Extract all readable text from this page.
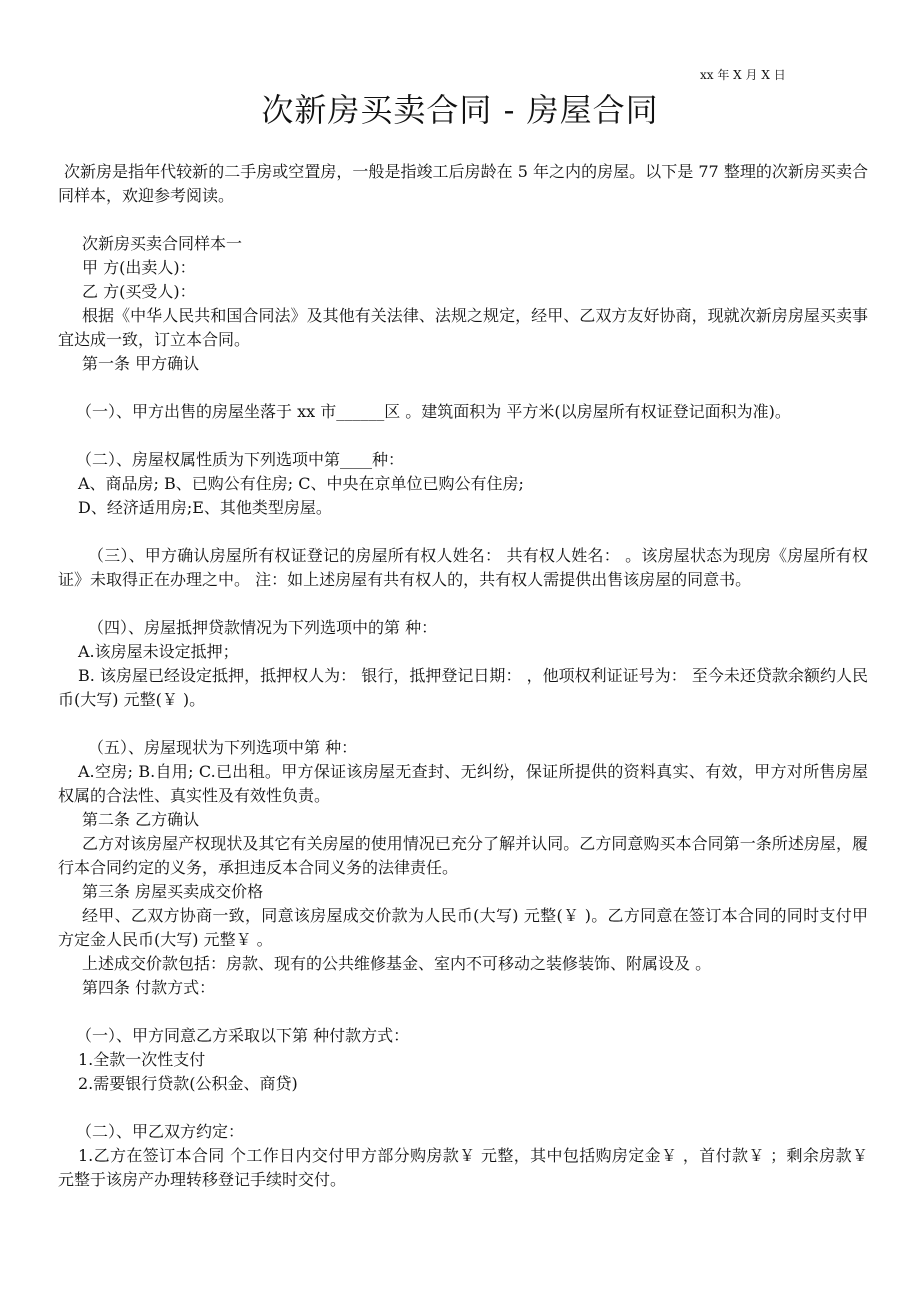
xx 年 X 月 X 日
次新房买卖合同 - 房屋合同

次新房是指年代较新的二手房或空置房，一般是指竣工后房龄在 5 年之内的房屋。以下是 77 整理的次新房买卖合同样本，欢迎参考阅读。

次新房买卖合同样本一

甲 方(出卖人)：

乙 方(买受人)：

根据《中华人民共和国合同法》及其他有关法律、法规之规定，经甲、乙双方友好协商，现就次新房房屋买卖事宜达成一致，订立本合同。

第一条 甲方确认

（一）、甲方出售的房屋坐落于 xx 市______区 。建筑面积为 平方米(以房屋所有权证登记面积为准)。

（二）、房屋权属性质为下列选项中第____种：

A、商品房; B、已购公有住房; C、中央在京单位已购公有住房;

D、经济适用房;E、其他类型房屋。

（三）、甲方确认房屋所有权证登记的房屋所有权人姓名： 共有权人姓名： 。该房屋状态为现房《房屋所有权证》未取得正在办理之中。 注：如上述房屋有共有权人的，共有权人需提供出售该房屋的同意书。

（四）、房屋抵押贷款情况为下列选项中的第 种：

A.该房屋未设定抵押；

B. 该房屋已经设定抵押，抵押权人为： 银行，抵押登记日期： ，他项权利证证号为： 至今未还贷款余额约人民币(大写) 元整(￥ )。

（五）、房屋现状为下列选项中第 种：

A.空房; B.自用; C.已出租。甲方保证该房屋无查封、无纠纷，保证所提供的资料真实、有效，甲方对所售房屋权属的合法性、真实性及有效性负责。

第二条 乙方确认

乙方对该房屋产权现状及其它有关房屋的使用情况已充分了解并认同。乙方同意购买本合同第一条所述房屋，履行本合同约定的义务，承担违反本合同义务的法律责任。

第三条 房屋买卖成交价格

经甲、乙双方协商一致，同意该房屋成交价款为人民币(大写) 元整(￥ )。乙方同意在签订本合同的同时支付甲方定金人民币(大写) 元整￥ 。

上述成交价款包括：房款、现有的公共维修基金、室内不可移动之装修装饰、附属设及 。

第四条 付款方式：

（一）、甲方同意乙方采取以下第 种付款方式：

1.全款一次性支付

2.需要银行贷款(公积金、商贷)

（二）、甲乙双方约定：

1.乙方在签订本合同 个工作日内交付甲方部分购房款￥ 元整，其中包括购房定金￥ ，首付款￥ ；剩余房款￥ 元整于该房产办理转移登记手续时交付。
